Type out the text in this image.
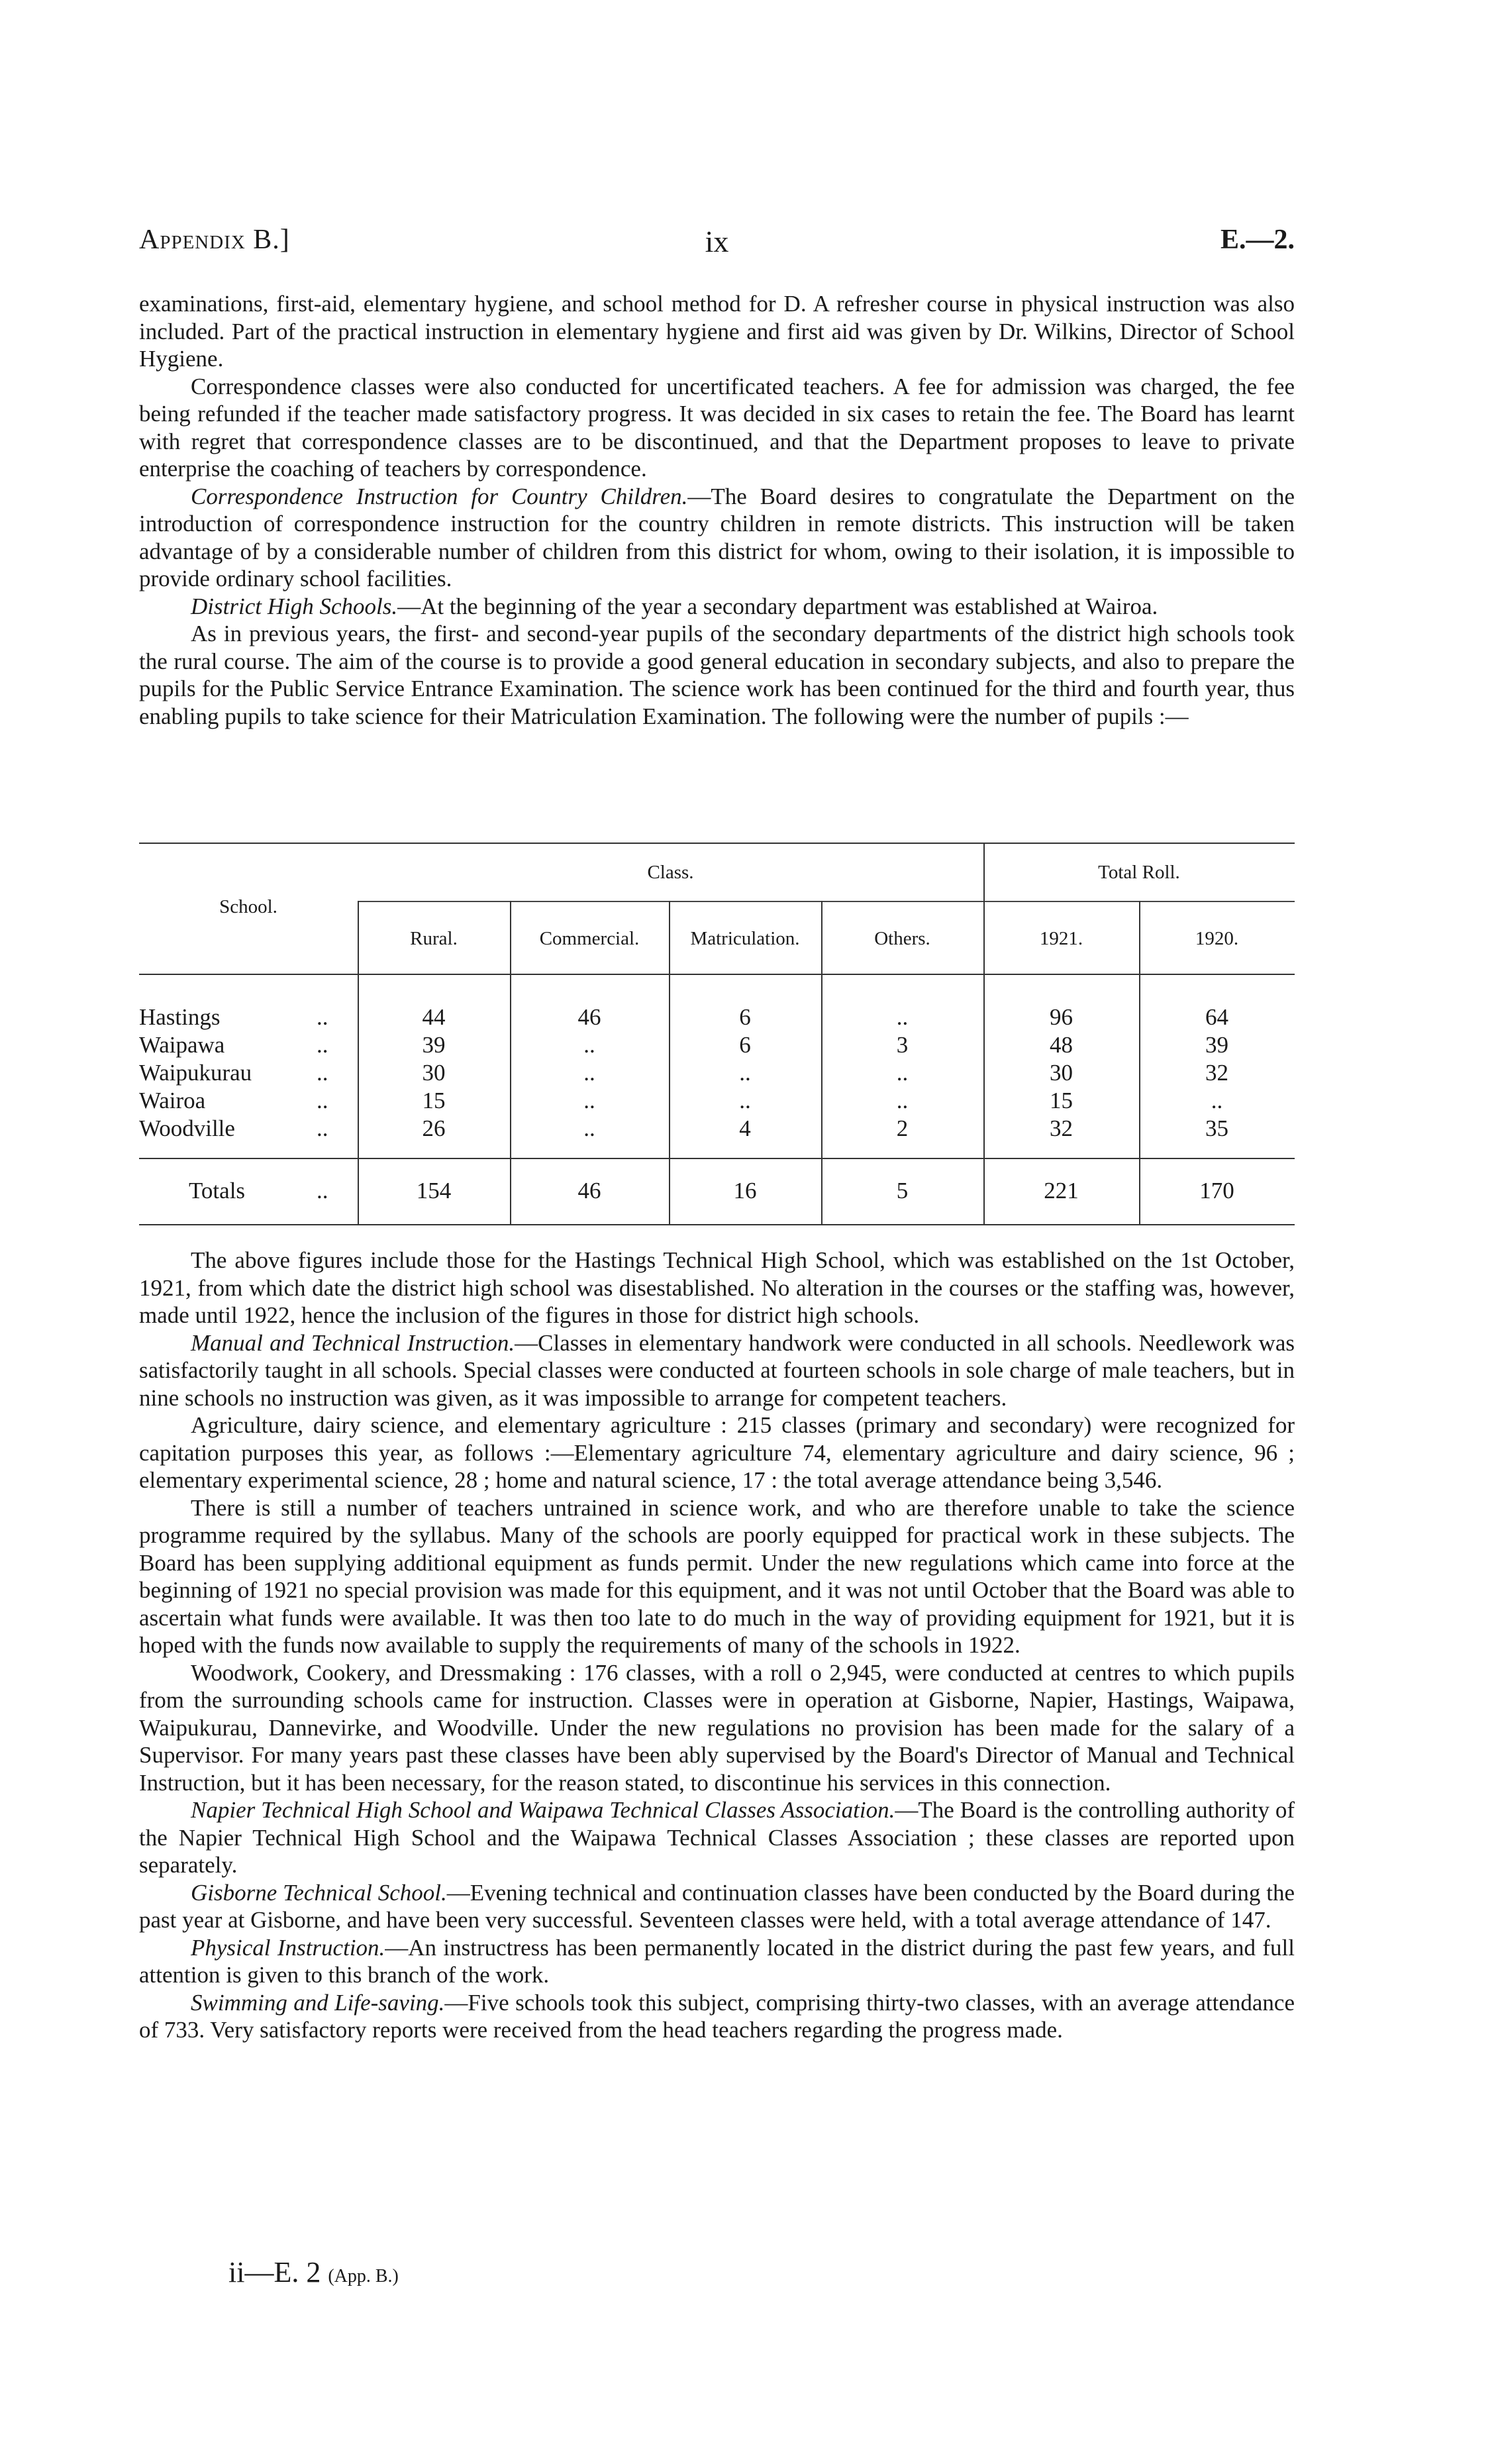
Appendix B.]	ix	E.—2.

examinations, first-aid, elementary hygiene, and school method for D. A refresher course in physical instruction was also included. Part of the practical instruction in elementary hygiene and first aid was given by Dr. Wilkins, Director of School Hygiene.

Correspondence classes were also conducted for uncertificated teachers. A fee for admission was charged, the fee being refunded if the teacher made satisfactory progress. It was decided in six cases to retain the fee. The Board has learnt with regret that correspondence classes are to be discontinued, and that the Department proposes to leave to private enterprise the coaching of teachers by correspondence.

Correspondence Instruction for Country Children.—The Board desires to congratulate the Department on the introduction of correspondence instruction for the country children in remote districts. This instruction will be taken advantage of by a considerable number of children from this district for whom, owing to their isolation, it is impossible to provide ordinary school facilities.

District High Schools.—At the beginning of the year a secondary department was established at Wairoa.

As in previous years, the first- and second-year pupils of the secondary departments of the district high schools took the rural course. The aim of the course is to provide a good general education in secondary subjects, and also to prepare the pupils for the Public Service Entrance Examination. The science work has been continued for the third and fourth year, thus enabling pupils to take science for their Matriculation Examination. The following were the number of pupils :—

School.
Class.	Total Roll.
Rural.	Commercial.	Matriculation.	Others.	1921.	1920.
Hastings	..	44	46	6	..	96	64
Waipawa	..	39	..	6	3	48	39
Waipukurau	..	30	..	..	..	30	32
Wairoa	..	15	..	..	..	15	..
Woodville	..	26	..	4	2	32	35
Totals	..	154	46	16	5	221	170

The above figures include those for the Hastings Technical High School, which was established on the 1st October, 1921, from which date the district high school was disestablished. No alteration in the courses or the staffing was, however, made until 1922, hence the inclusion of the figures in those for district high schools.

Manual and Technical Instruction.—Classes in elementary handwork were conducted in all schools. Needlework was satisfactorily taught in all schools. Special classes were conducted at fourteen schools in sole charge of male teachers, but in nine schools no instruction was given, as it was impossible to arrange for competent teachers.

Agriculture, dairy science, and elementary agriculture : 215 classes (primary and secondary) were recognized for capitation purposes this year, as follows :—Elementary agriculture 74, elementary agriculture and dairy science, 96 ; elementary experimental science, 28 ; home and natural science, 17 : the total average attendance being 3,546.

There is still a number of teachers untrained in science work, and who are therefore unable to take the science programme required by the syllabus. Many of the schools are poorly equipped for practical work in these subjects. The Board has been supplying additional equipment as funds permit. Under the new regulations which came into force at the beginning of 1921 no special provision was made for this equipment, and it was not until October that the Board was able to ascertain what funds were available. It was then too late to do much in the way of providing equipment for 1921, but it is hoped with the funds now available to supply the requirements of many of the schools in 1922.

Woodwork, Cookery, and Dressmaking : 176 classes, with a roll o 2,945, were conducted at centres to which pupils from the surrounding schools came for instruction. Classes were in operation at Gisborne, Napier, Hastings, Waipawa, Waipukurau, Dannevirke, and Woodville. Under the new regulations no provision has been made for the salary of a Supervisor. For many years past these classes have been ably supervised by the Board's Director of Manual and Technical Instruction, but it has been necessary, for the reason stated, to discontinue his services in this connection.

Napier Technical High School and Waipawa Technical Classes Association.—The Board is the controlling authority of the Napier Technical High School and the Waipawa Technical Classes Association ; these classes are reported upon separately.

Gisborne Technical School.—Evening technical and continuation classes have been conducted by the Board during the past year at Gisborne, and have been very successful. Seventeen classes were held, with a total average attendance of 147.

Physical Instruction.—An instructress has been permanently located in the district during the past few years, and full attention is given to this branch of the work.

Swimming and Life-saving.—Five schools took this subject, comprising thirty-two classes, with an average attendance of 733. Very satisfactory reports were received from the head teachers regarding the progress made.

ii—E. 2 (App. B.)
